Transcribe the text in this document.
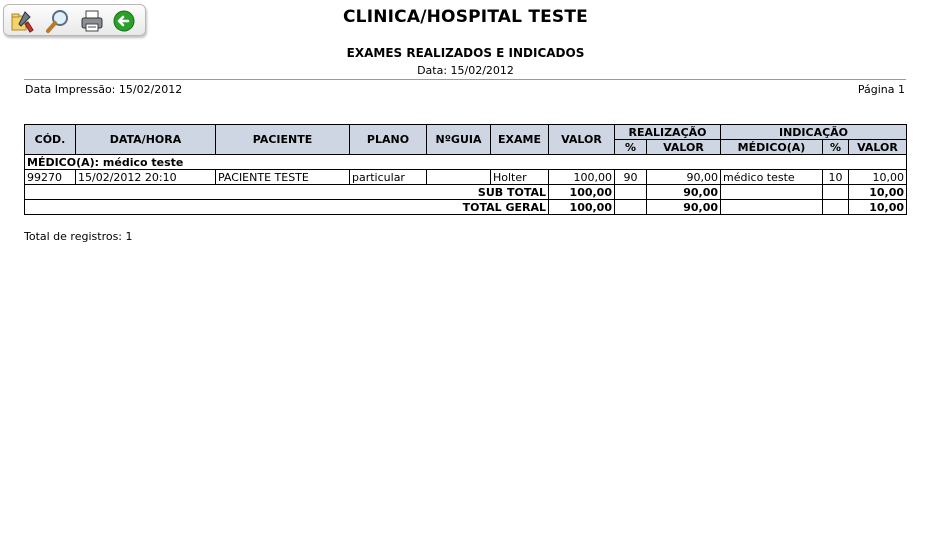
CLINICA/HOSPITAL TESTE
EXAMES REALIZADOS E INDICADOS
Data: 15/02/2012
Data Impressão: 15/02/2012	Página 1
CÓD.	DATA/HORA	PACIENTE	PLANO	NºGUIA	EXAME	VALOR	REALIZAÇÃO		INDICAÇÃO		
							%	VALOR	MÉDICO(A)	%	VALOR
MÉDICO(A): médico teste											
99270	15/02/2012 20:10	PACIENTE TESTE	particular		Holter	100,00	90	90,00	médico teste	10	10,00
SUB TOTAL						100,00		90,00			10,00
TOTAL GERAL						100,00		90,00			10,00
Total de registros: 1
